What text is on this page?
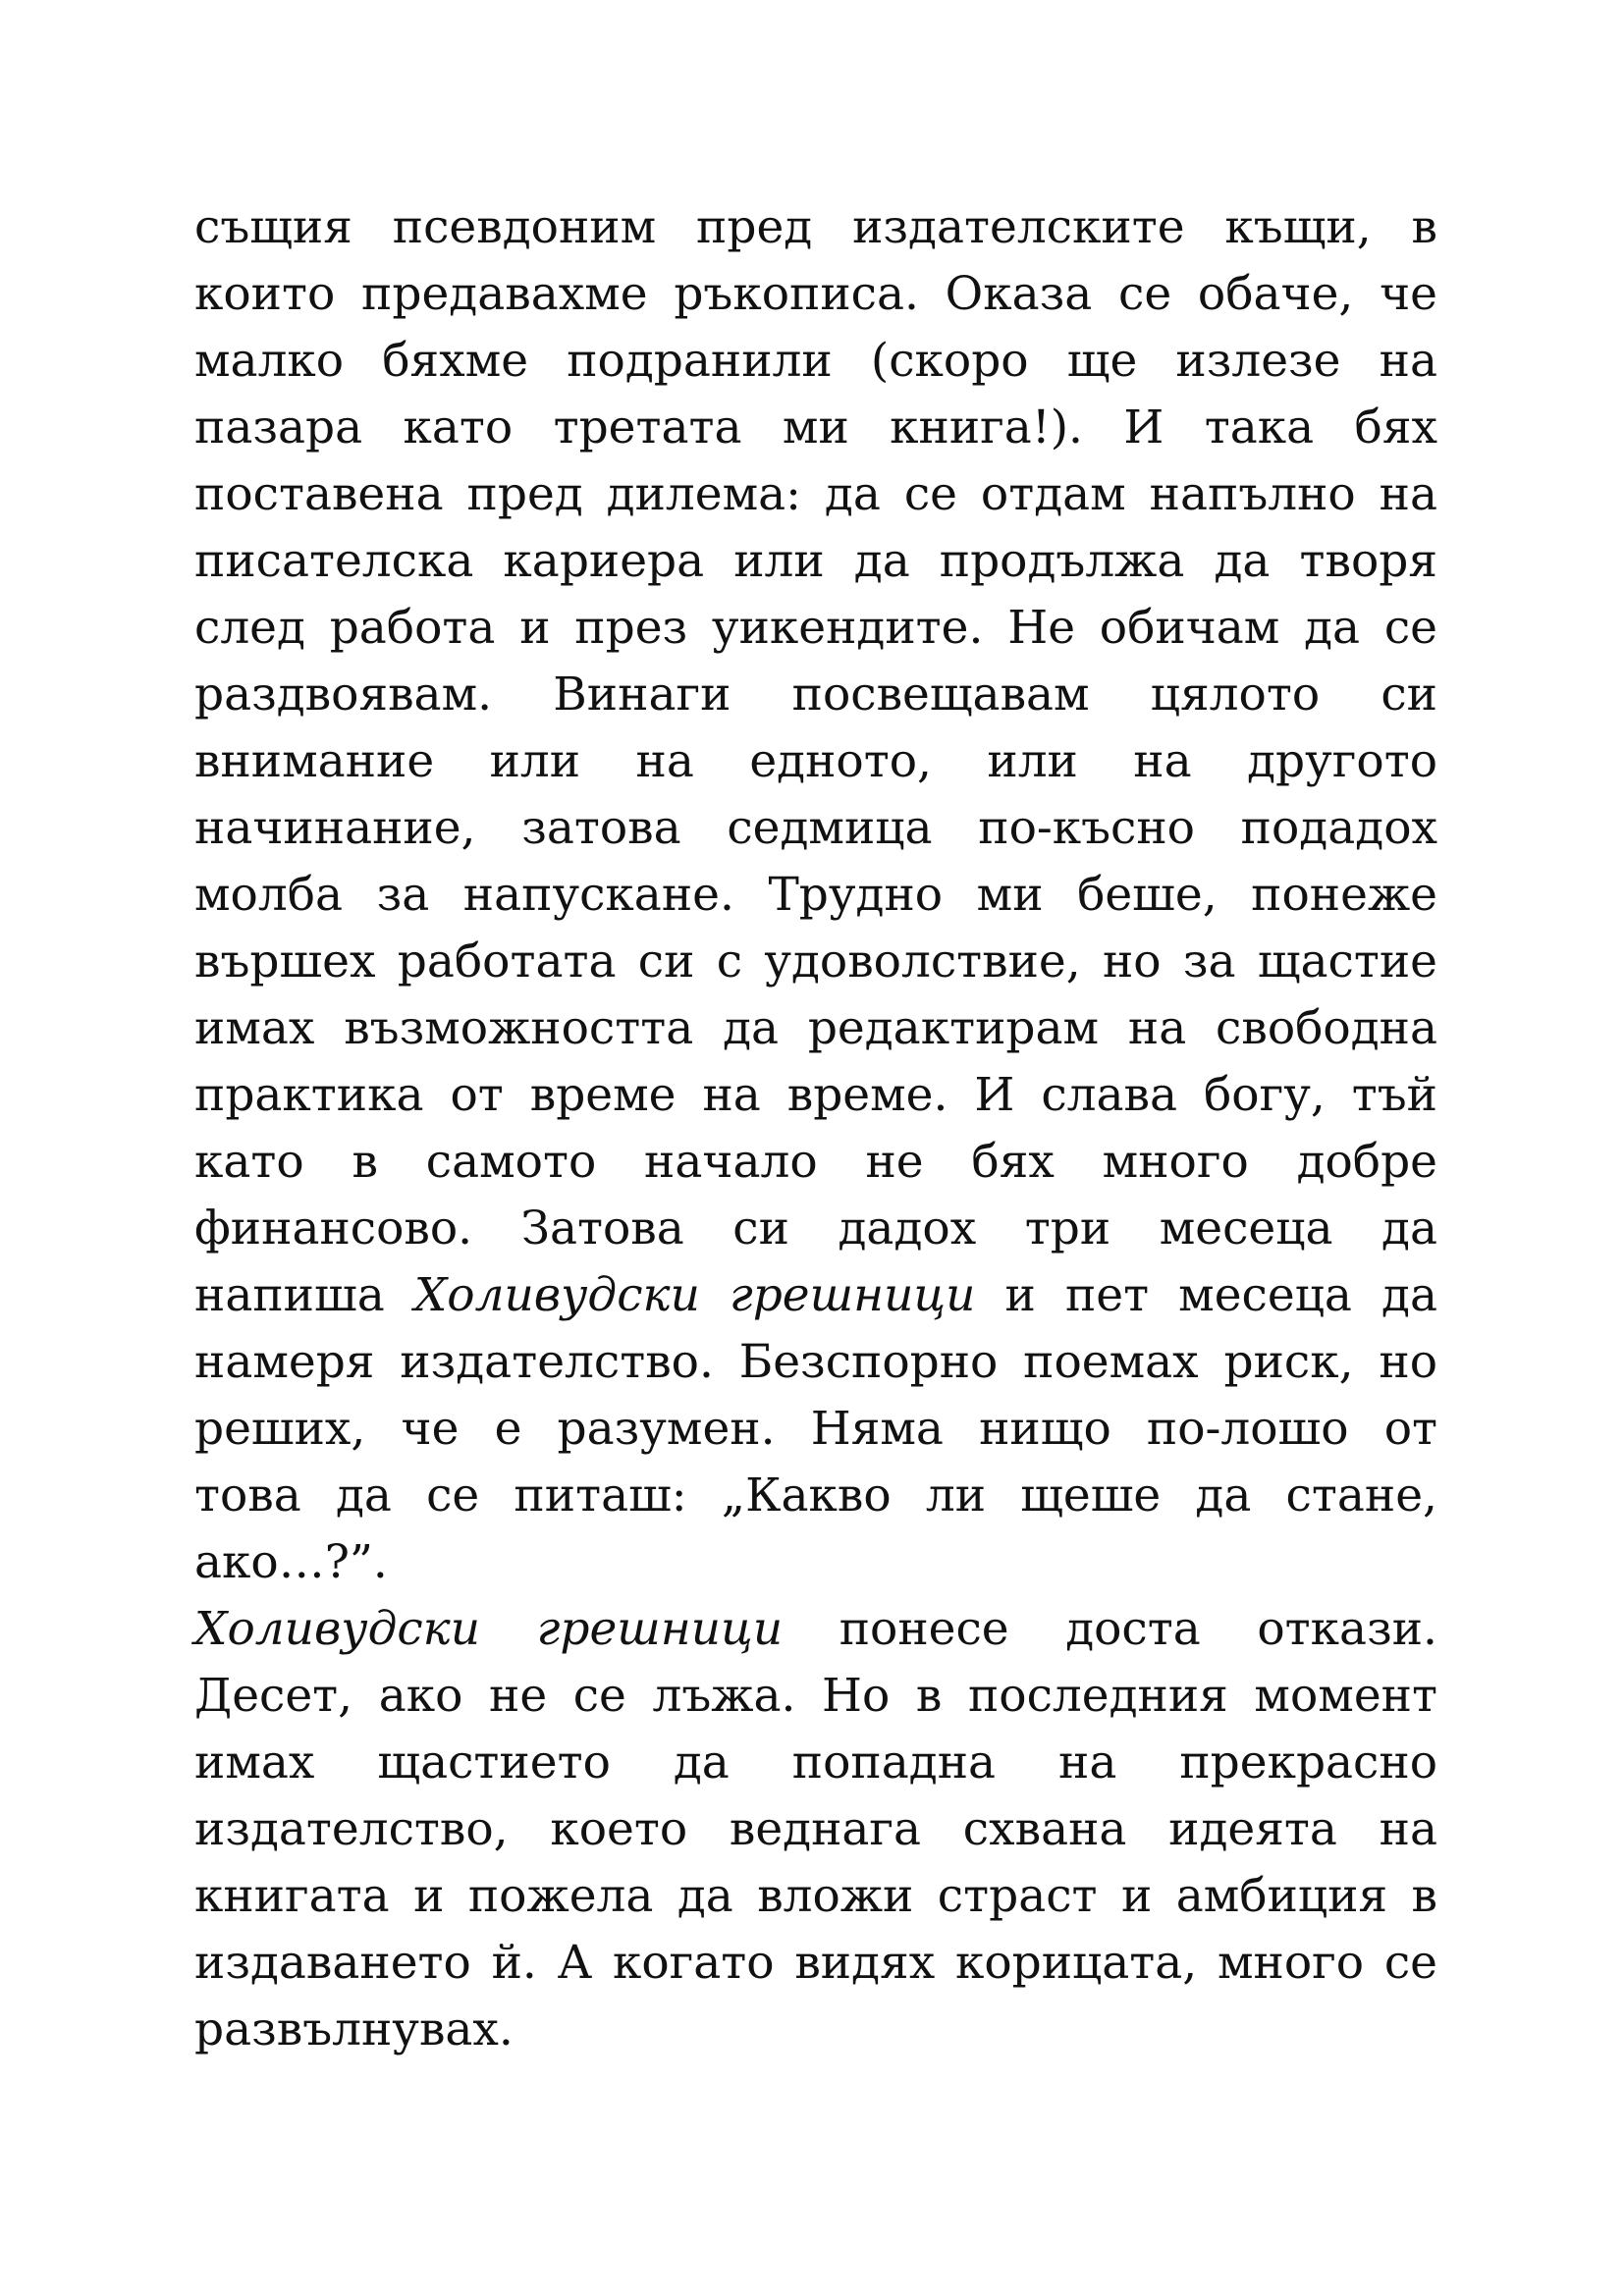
същия псевдоним пред издателските къщи, в
които предавахме ръкописа. Оказа се обаче, че
малко бяхме подранили (скоро ще излезе на
пазара като третата ми книга!). И така бях
поставена пред дилема: да се отдам напълно на
писателска кариера или да продължа да творя
след работа и през уикендите. Не обичам да се
раздвоявам. Винаги посвещавам цялото си
внимание или на едното, или на другото
начинание, затова седмица по-късно подадох
молба за напускане. Трудно ми беше, понеже
вършех работата си с удоволствие, но за щастие
имах възможността да редактирам на свободна
практика от време на време. И слава богу, тъй
като в самото начало не бях много добре
финансово. Затова си дадох три месеца да
напиша Холивудски грешници и пет месеца да
намеря издателство. Безспорно поемах риск, но
реших, че е разумен. Няма нищо по-лошо от
това да се питаш: „Какво ли щеше да стане,
ако…?”.
Холивудски грешници понесе доста откази.
Десет, ако не се лъжа. Но в последния момент
имах щастието да попадна на прекрасно
издателство, което веднага схвана идеята на
книгата и пожела да вложи страст и амбиция в
издаването й. А когато видях корицата, много се
развълнувах.
